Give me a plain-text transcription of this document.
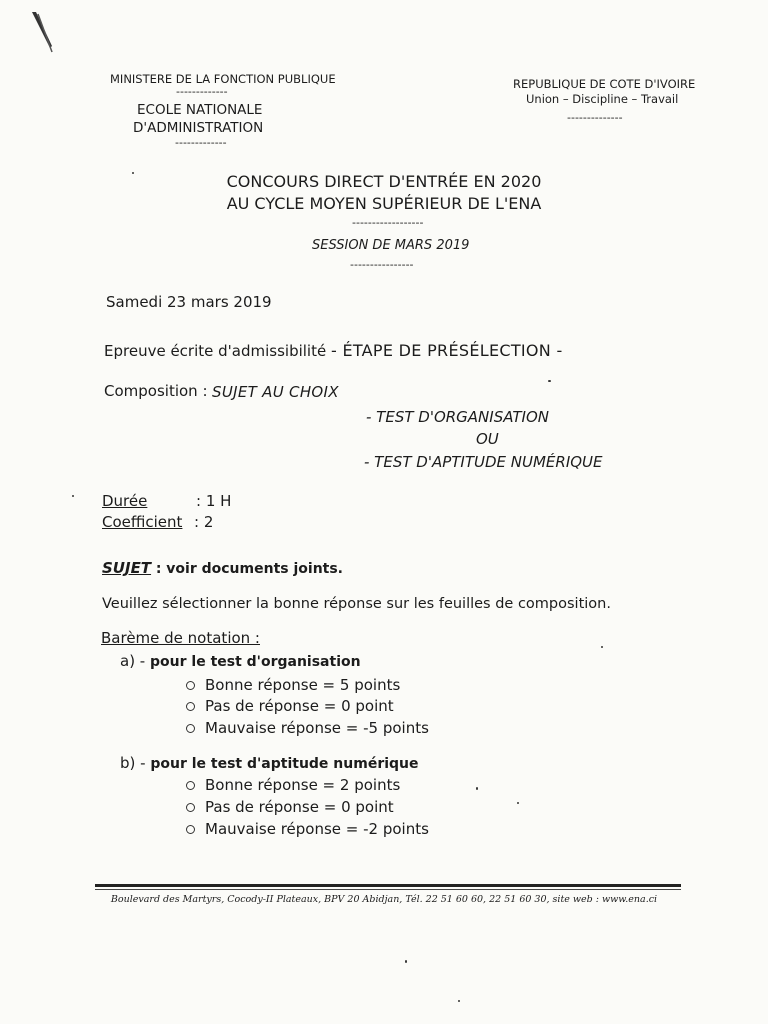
MINISTERE DE LA FONCTION PUBLIQUE
-------------
ECOLE NATIONALE
D'ADMINISTRATION
-------------
REPUBLIQUE DE COTE D'IVOIRE
Union – Discipline – Travail
--------------
CONCOURS DIRECT D'ENTRÉE EN 2020
AU CYCLE MOYEN SUPÉRIEUR DE L'ENA
------------------
SESSION DE MARS 2019
----------------
Samedi 23 mars 2019
Epreuve écrite d'admissibilité - ÉTAPE DE PRÉSÉLECTION -
Composition : SUJET AU CHOIX
- TEST D'ORGANISATION
OU
- TEST D'APTITUDE NUMÉRIQUE
Durée	: 1 H
Coefficient : 2
SUJET : voir documents joints.
Veuillez sélectionner la bonne réponse sur les feuilles de composition.
Barème de notation :
a) - pour le test d'organisation
Bonne réponse = 5 points
Pas de réponse = 0 point
Mauvaise réponse = -5 points
b) - pour le test d'aptitude numérique
Bonne réponse = 2 points
Pas de réponse = 0 point
Mauvaise réponse = -2 points
Boulevard des Martyrs, Cocody-II Plateaux, BPV 20 Abidjan, Tél. 22 51 60 60, 22 51 60 30, site web : www.ena.ci
